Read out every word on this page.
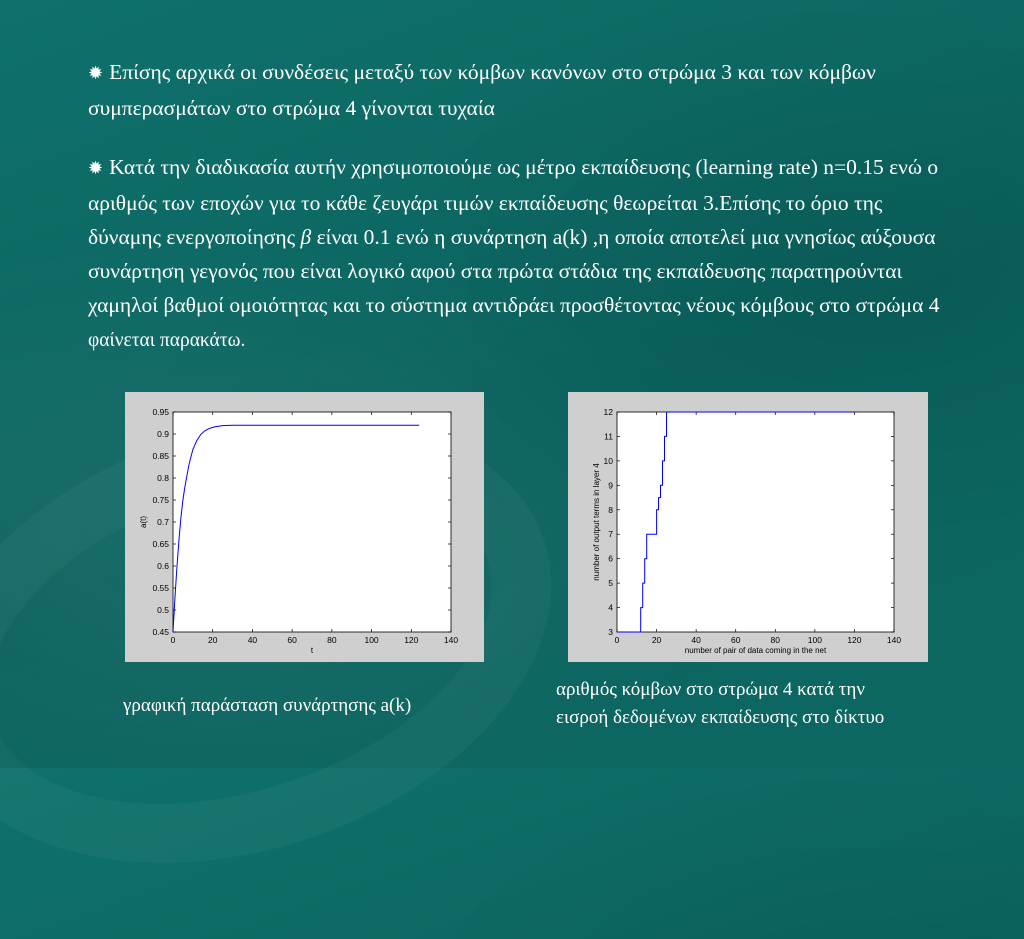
✹ Επίσης αρχικά οι συνδέσεις μεταξύ των κόμβων κανόνων στο στρώμα 3 και των κόμβων συμπερασμάτων στο στρώμα 4 γίνονται τυχαία
✹ Κατά την διαδικασία αυτήν χρησιμοποιούμε ως μέτρο εκπαίδευσης (learning rate) n=0.15 ενώ ο αριθμός των εποχών για το κάθε ζευγάρι τιμών εκπαίδευσης θεωρείται 3.Επίσης το όριο της δύναμης ενεργοποίησης β είναι 0.1 ενώ η συνάρτηση a(k) ,η οποία αποτελεί μια γνησίως αύξουσα συνάρτηση γεγονός που είναι λογικό αφού στα πρώτα στάδια της εκπαίδευσης παρατηρούνται χαμηλοί βαθμοί ομοιότητας και το σύστημα αντιδράει προσθέτοντας νέους κόμβους στο στρώμα 4 φαίνεται παρακάτω.
0	20	40	60	80	100	120	140
0.45
0.5
0.55
0.6
0.65
0.7
0.75
0.8
0.85
0.9
0.95
t
a(t)
0	20	40	60	80	100	120	140
3
4
5
6
7
8
9
10
11
12
number of pair of data coming in the net
number of output terms in layer 4
γραφική παράσταση συνάρτησης a(k)
αριθμός κόμβων στο στρώμα 4 κατά την
εισροή δεδομένων εκπαίδευσης στο δίκτυο
